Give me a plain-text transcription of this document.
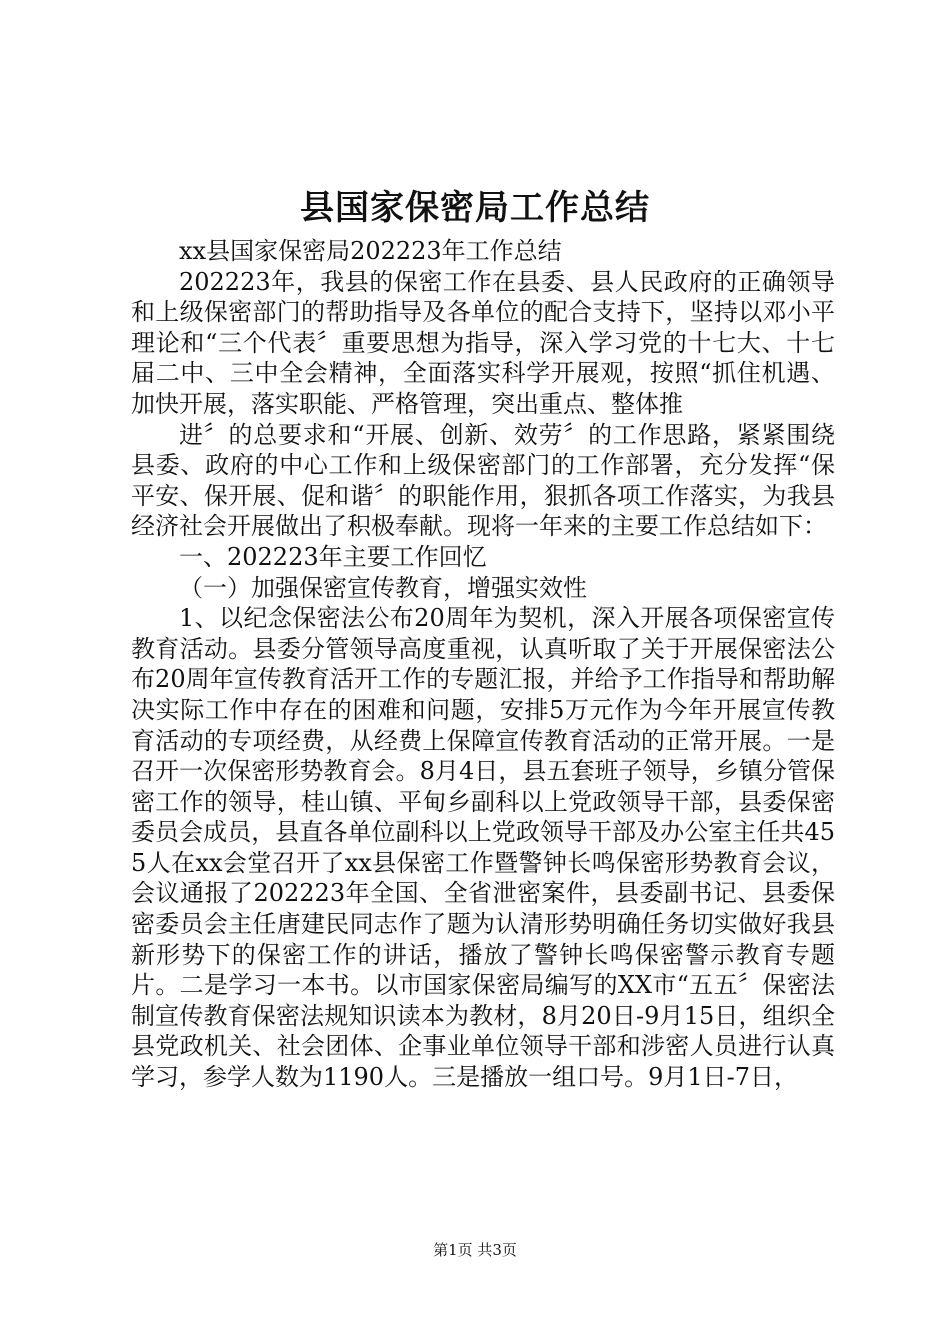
县国家保密局工作总结

xx县国家保密局202223年工作总结

202223年，我县的保密工作在县委、县人民政府的正确领导和上级保密部门的帮助指导及各单位的配合支持下，坚持以邓小平理论和“三个代表〞重要思想为指导，深入学习党的十七大、十七届二中、三中全会精神，全面落实科学开展观，按照“抓住机遇、加快开展，落实职能、严格管理，突出重点、整体推

进〞的总要求和“开展、创新、效劳〞的工作思路，紧紧围绕县委、政府的中心工作和上级保密部门的工作部署，充分发挥“保平安、保开展、促和谐〞的职能作用，狠抓各项工作落实，为我县经济社会开展做出了积极奉献。现将一年来的主要工作总结如下：

一、202223年主要工作回忆

（一）加强保密宣传教育，增强实效性

1、以纪念保密法公布20周年为契机，深入开展各项保密宣传教育活动。县委分管领导高度重视，认真听取了关于开展保密法公布20周年宣传教育活开工作的专题汇报，并给予工作指导和帮助解决实际工作中存在的困难和问题，安排5万元作为今年开展宣传教育活动的专项经费，从经费上保障宣传教育活动的正常开展。一是召开一次保密形势教育会。8月4日，县五套班子领导，乡镇分管保密工作的领导，桂山镇、平甸乡副科以上党政领导干部，县委保密委员会成员，县直各单位副科以上党政领导干部及办公室主任共455人在xx会堂召开了xx县保密工作暨警钟长鸣保密形势教育会议，会议通报了202223年全国、全省泄密案件，县委副书记、县委保密委员会主任唐建民同志作了题为认清形势明确任务切实做好我县新形势下的保密工作的讲话，播放了警钟长鸣保密警示教育专题片。二是学习一本书。以市国家保密局编写的XX市“五五〞保密法制宣传教育保密法规知识读本为教材，8月20日-9月15日，组织全县党政机关、社会团体、企事业单位领导干部和涉密人员进行认真学习，参学人数为1190人。三是播放一组口号。9月1日-7日，

第1页 共3页
